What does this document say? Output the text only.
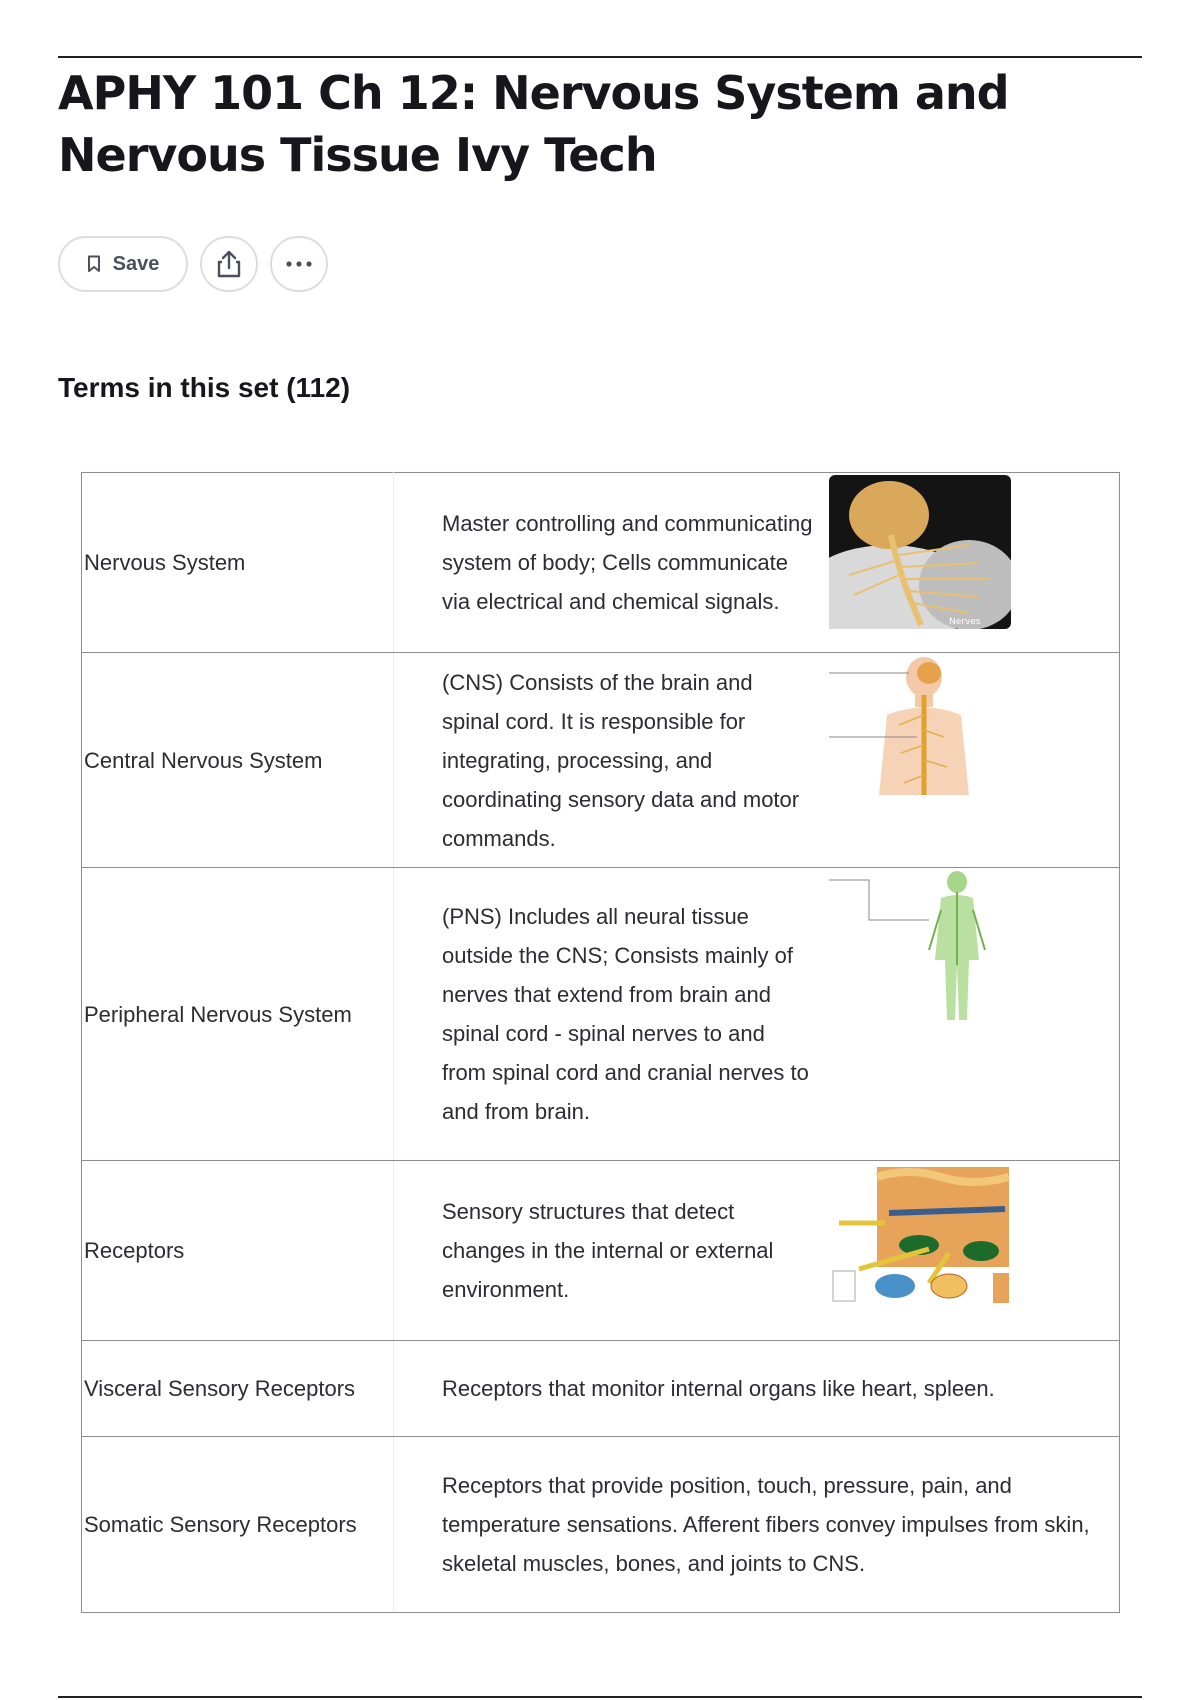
APHY 101 Ch 12: Nervous System and Nervous Tissue Ivy Tech
Save
Terms in this set (112)
Nervous System	Master controlling and communicating system of body; Cells communicate via electrical and chemical signals.	Nerves

Central Nervous System	(CNS) Consists of the brain and spinal cord. It is responsible for integrating, processing, and coordinating sensory data and motor commands.	

Peripheral Nervous System	(PNS) Includes all neural tissue outside the CNS; Consists mainly of nerves that extend from brain and spinal cord - spinal nerves to and from spinal cord and cranial nerves to and from brain.	

Receptors	Sensory structures that detect changes in the internal or external environment.	

Visceral Sensory Receptors	Receptors that monitor internal organs like heart, spleen.	
Somatic Sensory Receptors	Receptors that provide position, touch, pressure, pain, and temperature sensations. Afferent fibers convey impulses from skin, skeletal muscles, bones, and joints to CNS.	
